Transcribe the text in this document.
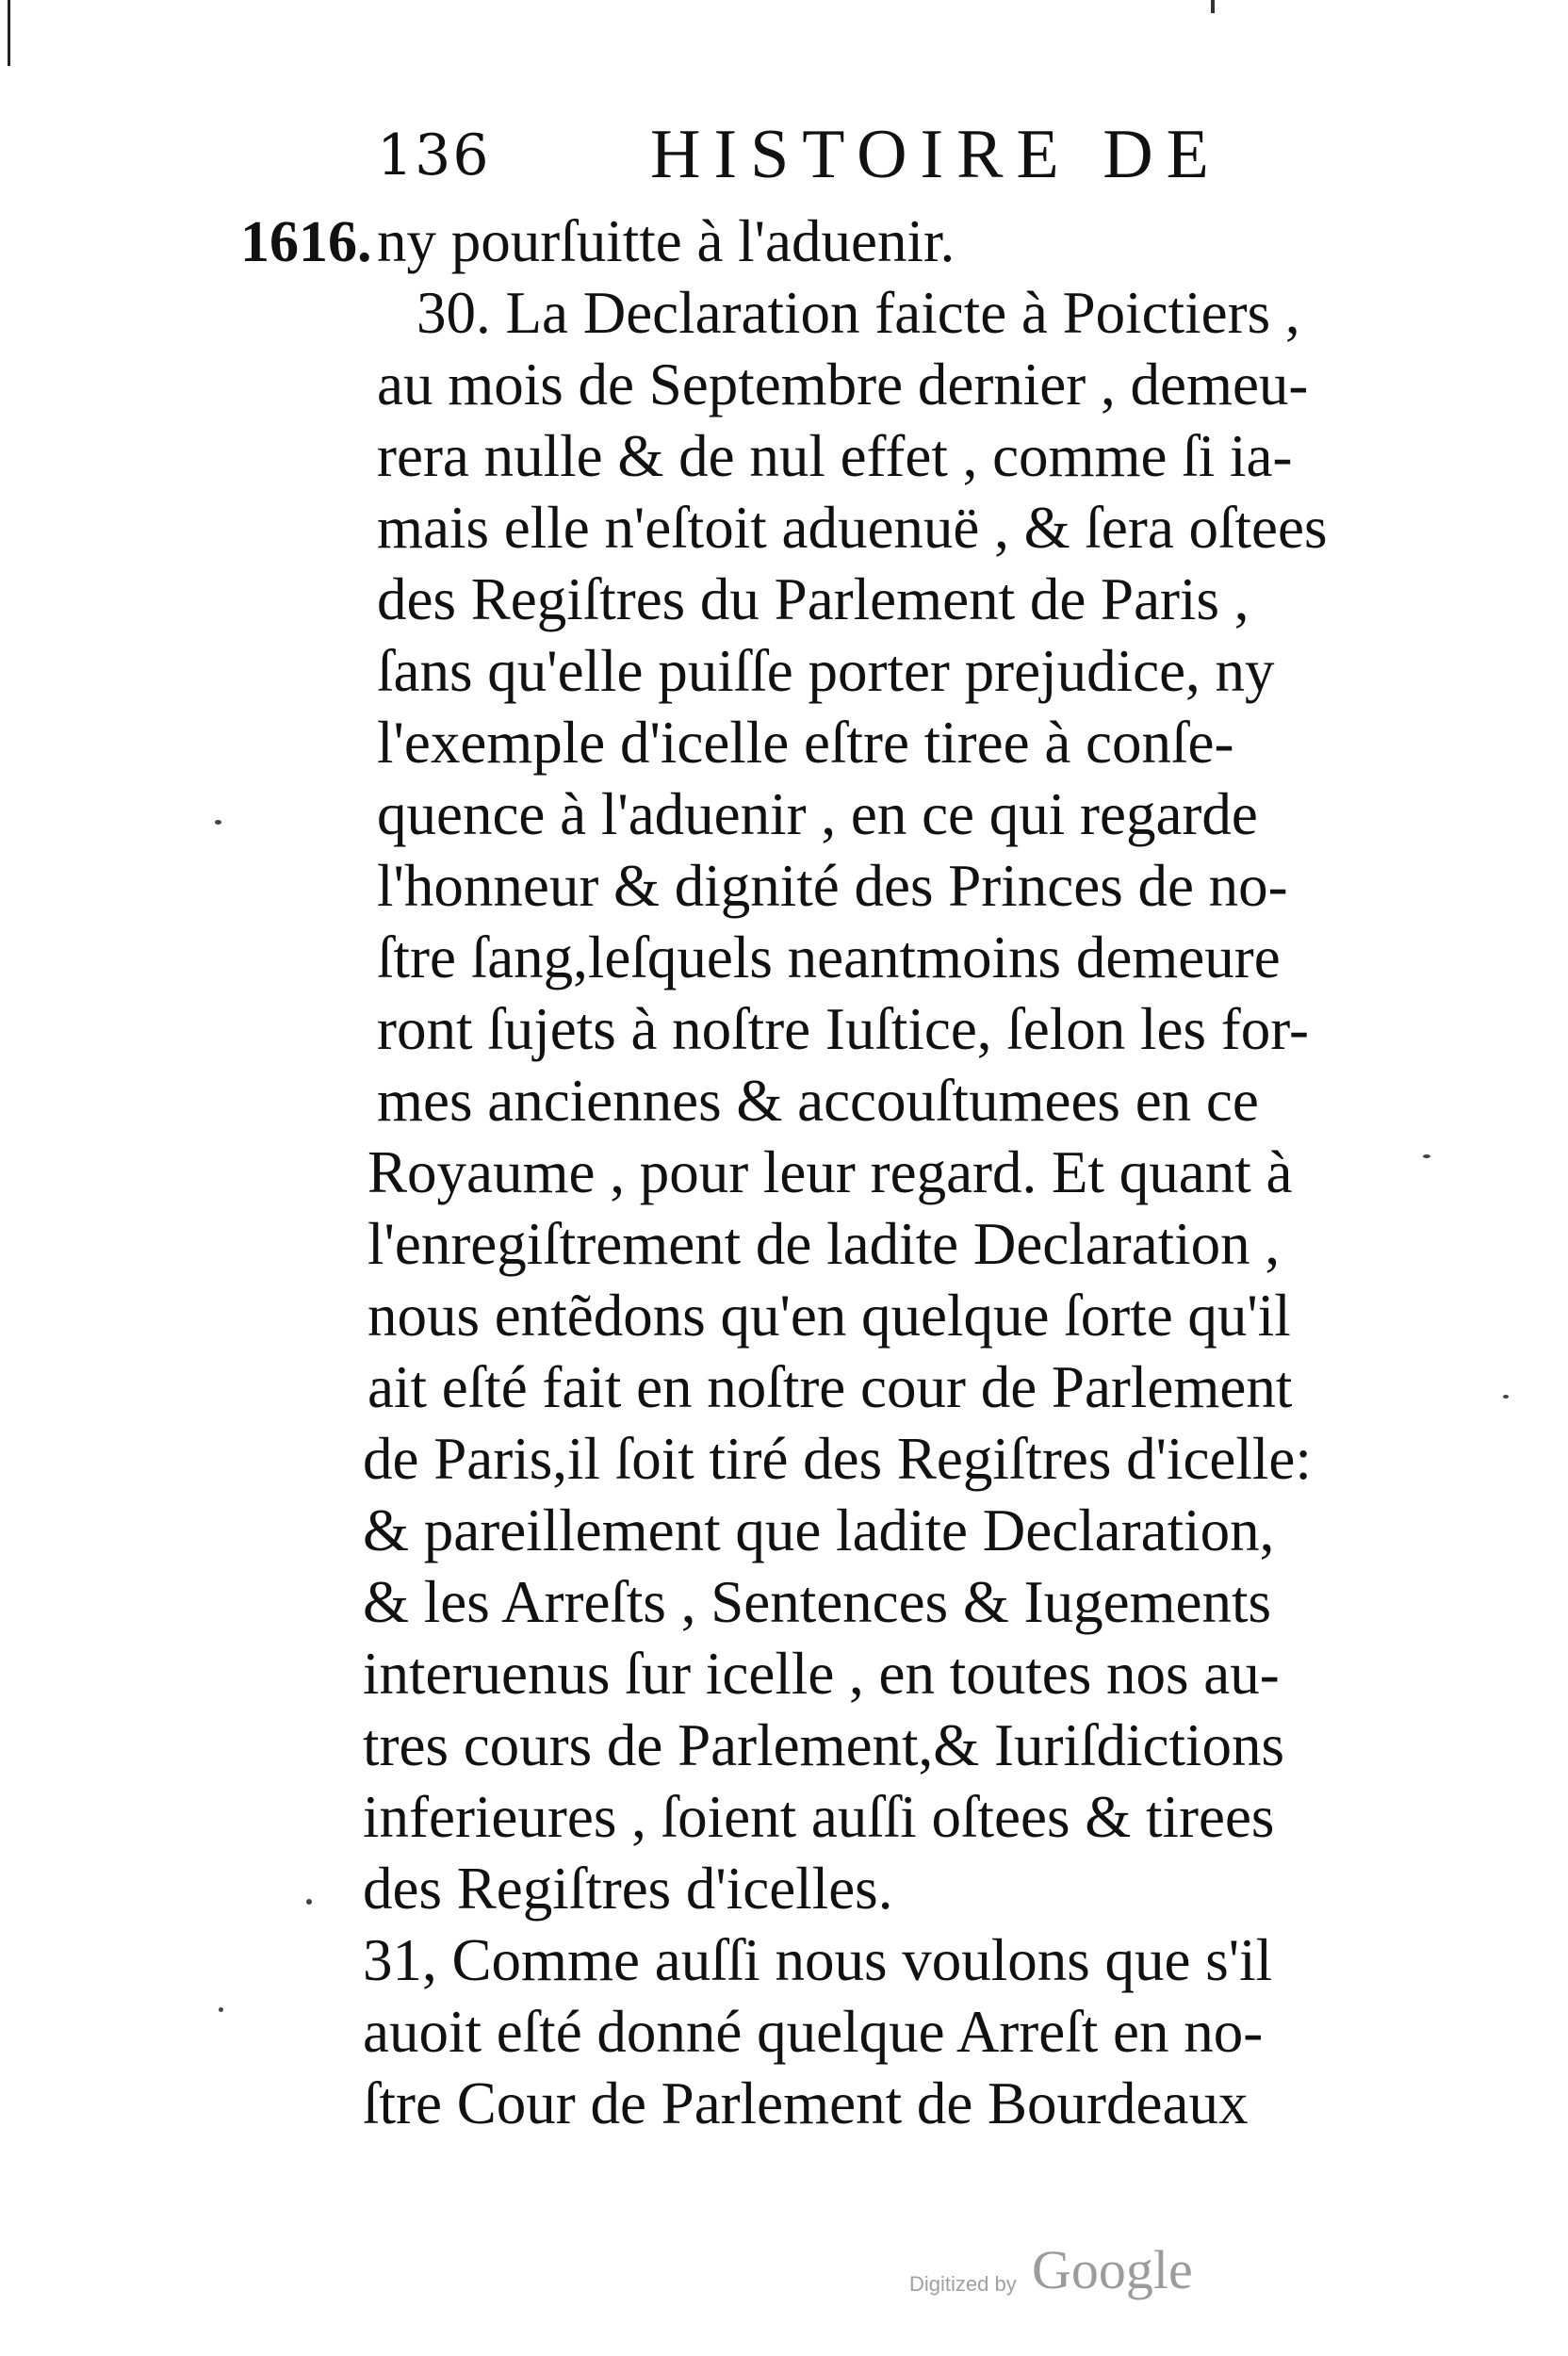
136 HISTOIRE DE
1616. ny pourſuitte à l'aduenir.
30. La Declaration faicte à Poictiers ,
au mois de Septembre dernier , demeu-
rera nulle & de nul effet , comme ſi ia-
mais elle n'eſtoit aduenuë , & ſera oſtees
des Regiſtres du Parlement de Paris ,
ſans qu'elle puiſſe porter prejudice, ny
l'exemple d'icelle eſtre tiree à conſe-
quence à l'aduenir , en ce qui regarde
l'honneur & dignité des Princes de no-
ſtre ſang,leſquels neantmoins demeure
ront ſujets à noſtre Iuſtice, ſelon les for-
mes anciennes & accouſtumees en ce
Royaume , pour leur regard. Et quant à
l'enregiſtrement de ladite Declaration ,
nous entẽdons qu'en quelque ſorte qu'il
ait eſté fait en noſtre cour de Parlement
de Paris,il ſoit tiré des Regiſtres d'icelle:
& pareillement que ladite Declaration,
& les Arreſts , Sentences & Iugements
interuenus ſur icelle , en toutes nos au-
tres cours de Parlement,& Iuriſdictions
inferieures , ſoient auſſi oſtees & tirees
des Regiſtres d'icelles.
31, Comme auſſi nous voulons que s'il
auoit eſté donné quelque Arreſt en no-
ſtre Cour de Parlement de Bourdeaux
Digitized by Google
